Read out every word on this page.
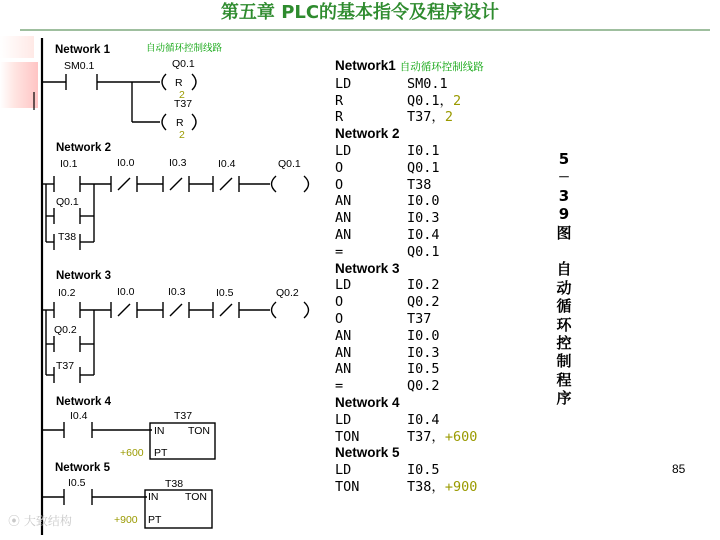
第五章 PLC的基本指令及程序设计
Network 1	自动循环控制线路
SM0.1	Q0.1
R
2
T37
R
2
Network 2
I0.1	I0.0	I0.3	I0.4	Q0.1
Q0.1
T38
Network 3
I0.2	I0.0	I0.3	I0.5	Q0.2
Q0.2
T37
Network 4
I0.4	T37
IN TON
+600 PT
Network 5
I0.5	T38
IN	TON
+900 PT
Network1 自动循环控制线路
LD	SM0.1
R	Q0.1，2
R	T37，2
Network 2
LD	I0.1
O	Q0.1
O	T38
AN	I0.0
AN	I0.3
AN	I0.4
=	Q0.1
Network 3
LD	I0.2
O	Q0.2
O	T37
AN	I0.0
AN	I0.3
AN	I0.5
=	Q0.2
Network 4
LD	I0.4
TON	T37，+600
Network 5
LD	I0.5
TON	T38，+900
5
－
3
9
图

自
动
循
环
控
制
程
序
85
⦿ 大致结构
